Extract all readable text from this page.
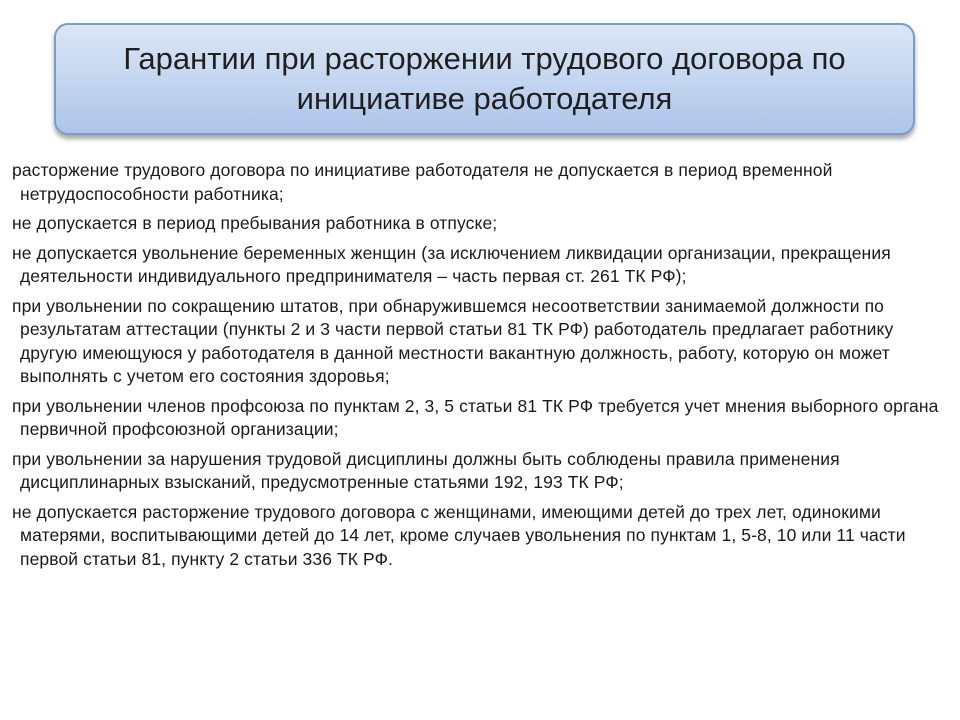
Гарантии при расторжении трудового договора по инициативе работодателя
расторжение трудового договора по инициативе работодателя не допускается в период временной нетрудоспособности работника;
не допускается в период пребывания работника в отпуске;
не допускается увольнение беременных женщин (за исключением ликвидации организации, прекращения деятельности индивидуального предпринимателя – часть первая ст. 261 ТК РФ);
при увольнении по сокращению штатов, при обнаружившемся несоответствии занимаемой должности по результатам аттестации (пункты 2 и 3 части первой статьи 81 ТК РФ) работодатель предлагает работнику другую имеющуюся у работодателя в данной местности вакантную должность, работу, которую он может выполнять с учетом его состояния здоровья;
при увольнении членов профсоюза по пунктам 2, 3, 5 статьи 81 ТК РФ требуется учет мнения выборного органа первичной профсоюзной организации;
при увольнении за нарушения трудовой дисциплины должны быть соблюдены правила применения дисциплинарных взысканий, предусмотренные статьями 192, 193 ТК РФ;
не допускается расторжение трудового договора с женщинами, имеющими детей до трех лет, одинокими матерями, воспитывающими детей до 14 лет, кроме случаев увольнения по пунктам 1, 5-8, 10 или 11 части первой статьи 81, пункту 2 статьи 336 ТК РФ.
